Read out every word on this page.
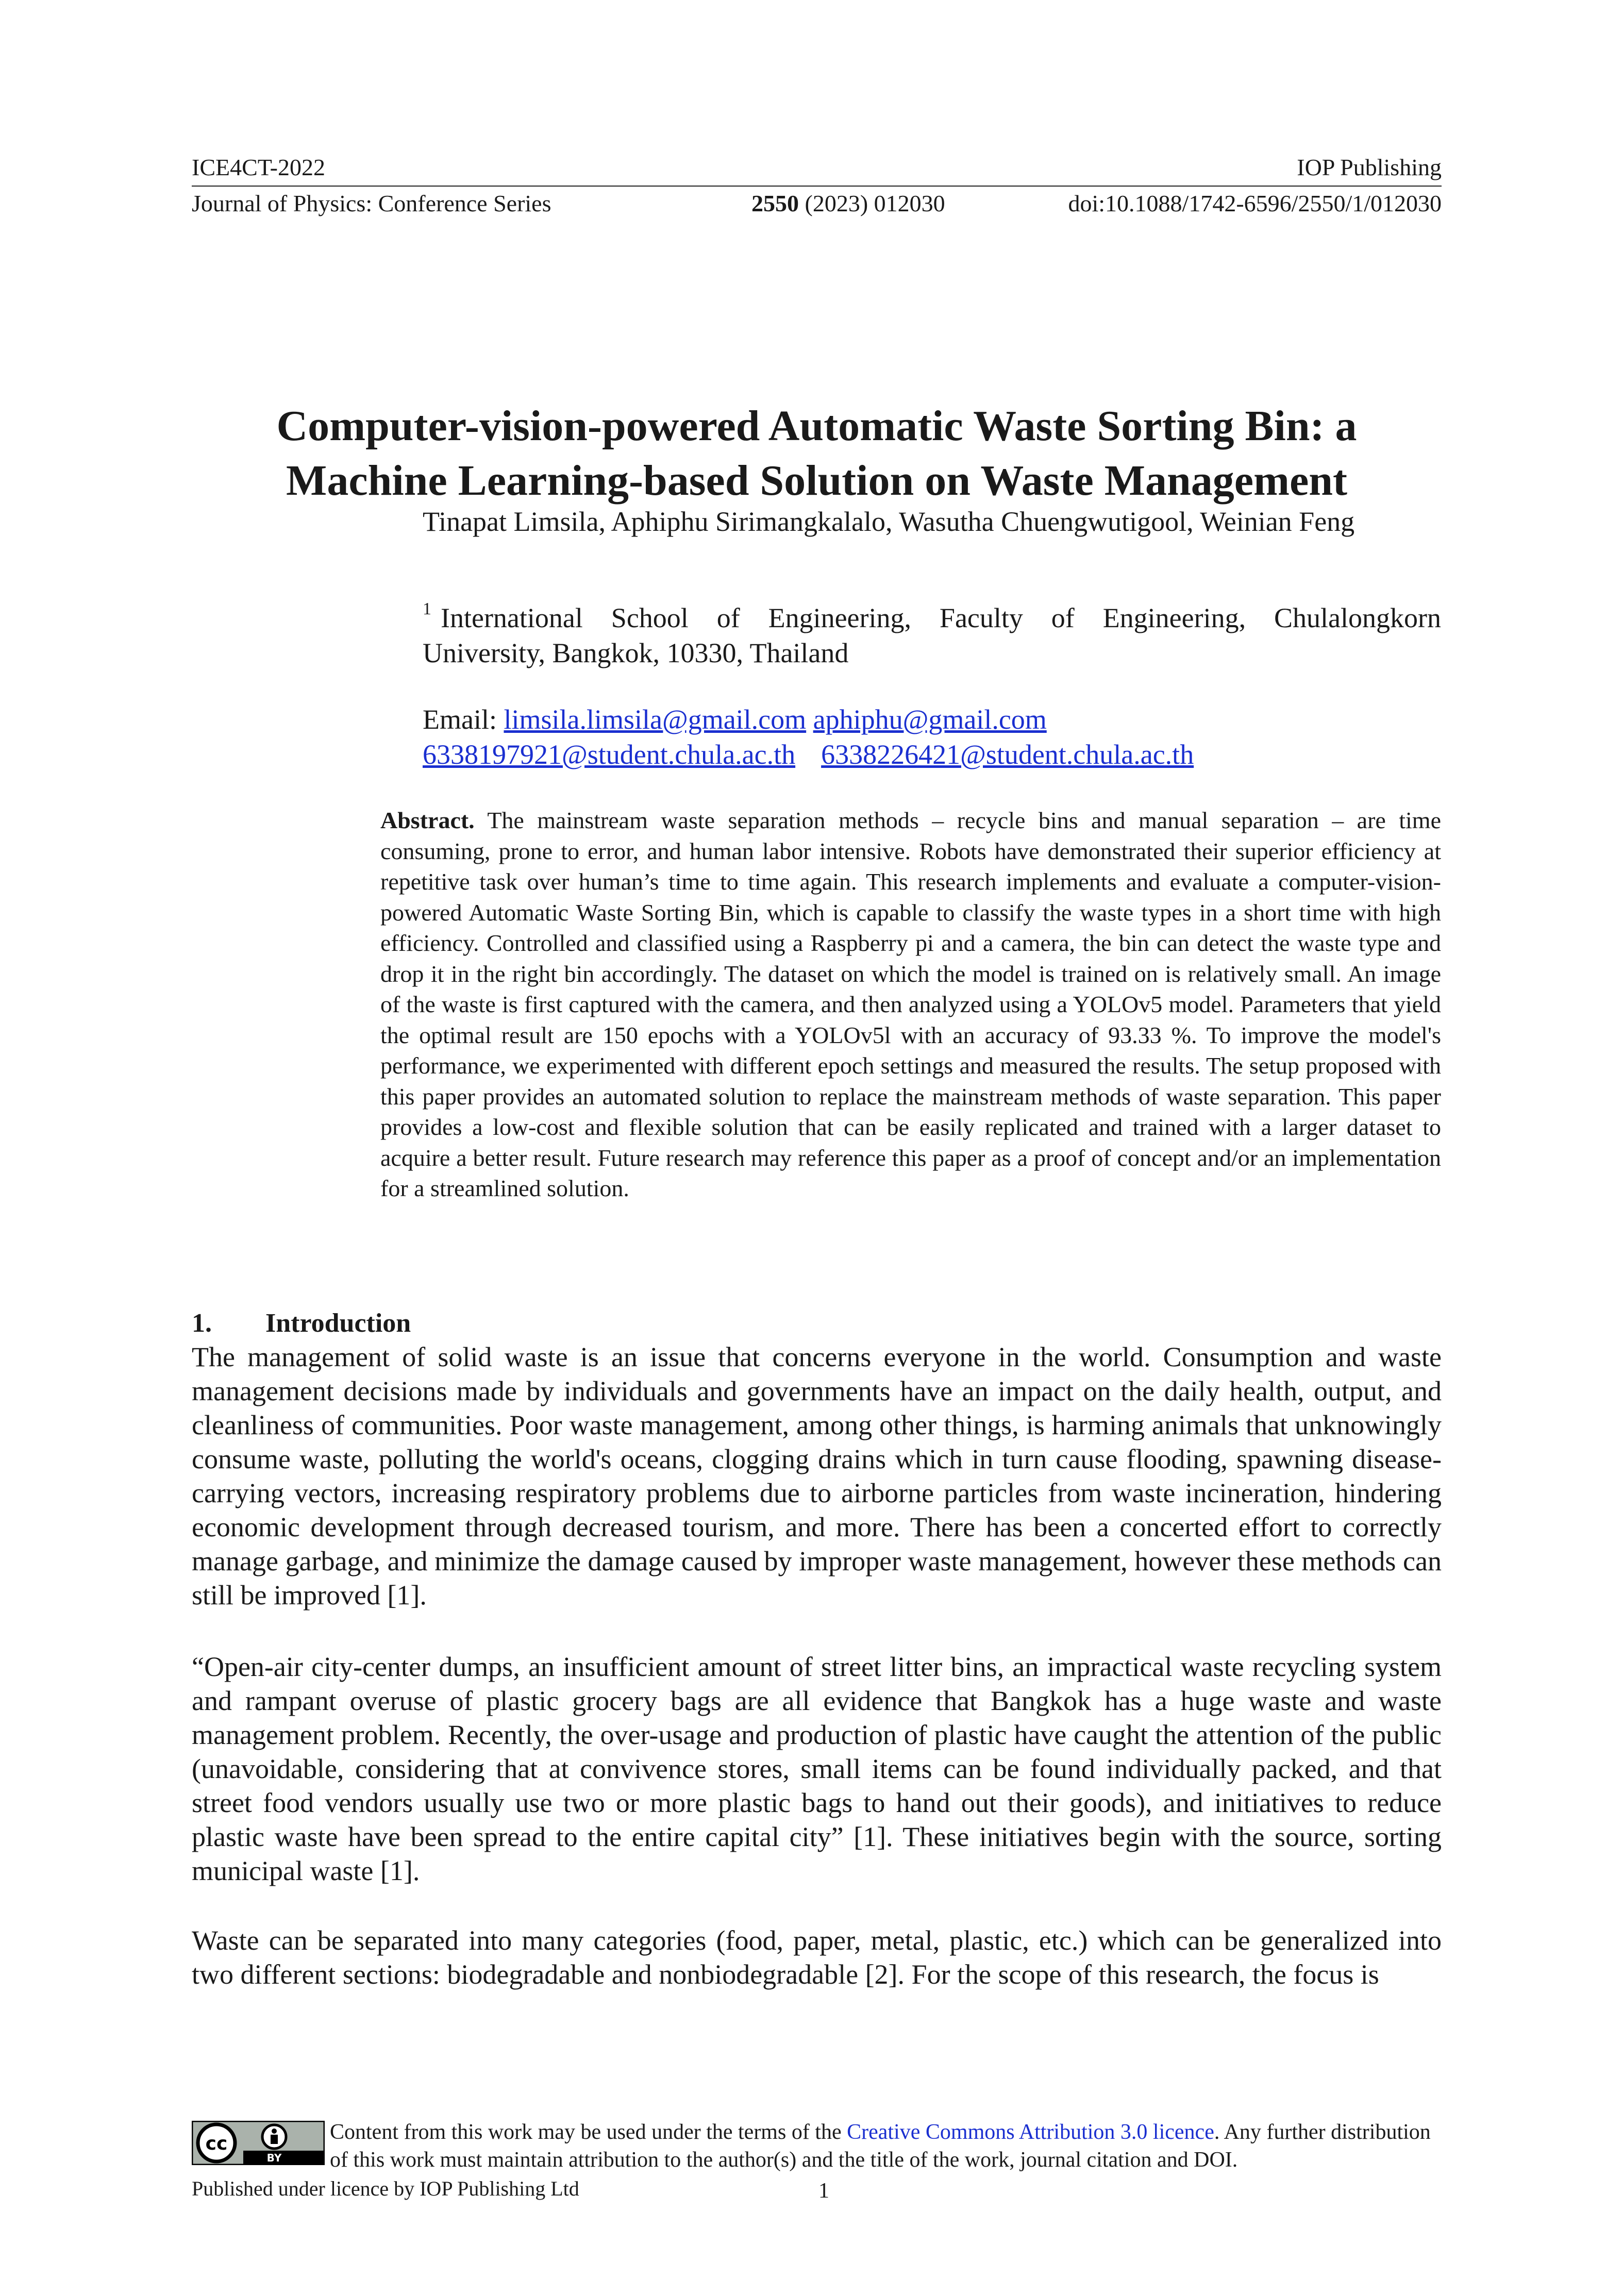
ICE4CT-2022	IOP Publishing
Journal of Physics: Conference Series	2550 (2023) 012030	doi:10.1088/1742-6596/2550/1/012030
Computer-vision-powered Automatic Waste Sorting Bin: a
Machine Learning-based Solution on Waste Management
Tinapat Limsila, Aphiphu Sirimangkalalo, Wasutha Chuengwutigool, Weinian Feng
$^1$ International School of Engineering, Faculty of Engineering, Chulalongkorn
University, Bangkok, 10330, Thailand
Email: limsila.limsila@gmail.com aphiphu@gmail.com
6338197921@student.chula.ac.th 6338226421@student.chula.ac.th
Abstract. The mainstream waste separation methods – recycle bins and manual separation – are time consuming, prone to error, and human labor intensive. Robots have demonstrated their superior efficiency at repetitive task over human’s time to time again. This research implements and evaluate a computer-vision-powered Automatic Waste Sorting Bin, which is capable to classify the waste types in a short time with high efficiency. Controlled and classified using a Raspberry pi and a camera, the bin can detect the waste type and drop it in the right bin accordingly. The dataset on which the model is trained on is relatively small. An image of the waste is first captured with the camera, and then analyzed using a YOLOv5 model. Parameters that yield the optimal result are 150 epochs with a YOLOv5l with an accuracy of 93.33 %. To improve the model's performance, we experimented with different epoch settings and measured the results. The setup proposed with this paper provides an automated solution to replace the mainstream methods of waste separation. This paper provides a low-cost and flexible solution that can be easily replicated and trained with a larger dataset to acquire a better result. Future research may reference this paper as a proof of concept and/or an implementation for a streamlined solution.
1. Introduction
The management of solid waste is an issue that concerns everyone in the world. Consumption and waste management decisions made by individuals and governments have an impact on the daily health, output, and cleanliness of communities. Poor waste management, among other things, is harming animals that unknowingly consume waste, polluting the world's oceans, clogging drains which in turn cause flooding, spawning disease-carrying vectors, increasing respiratory problems due to airborne particles from waste incineration, hindering economic development through decreased tourism, and more. There has been a concerted effort to correctly manage garbage, and minimize the damage caused by improper waste management, however these methods can still be improved [1].
“Open-air city-center dumps, an insufficient amount of street litter bins, an impractical waste recycling system and rampant overuse of plastic grocery bags are all evidence that Bangkok has a huge waste and waste management problem. Recently, the over-usage and production of plastic have caught the attention of the public (unavoidable, considering that at convivence stores, small items can be found individually packed, and that street food vendors usually use two or more plastic bags to hand out their goods), and initiatives to reduce plastic waste have been spread to the entire capital city” [1]. These initiatives begin with the source, sorting municipal waste [1].
Waste can be separated into many categories (food, paper, metal, plastic, etc.) which can be generalized into two different sections: biodegradable and nonbiodegradable [2]. For the scope of this research, the focus is
cc
BY
Content from this work may be used under the terms of the Creative Commons Attribution 3.0 licence. Any further distribution
of this work must maintain attribution to the author(s) and the title of the work, journal citation and DOI.
Published under licence by IOP Publishing Ltd	1
